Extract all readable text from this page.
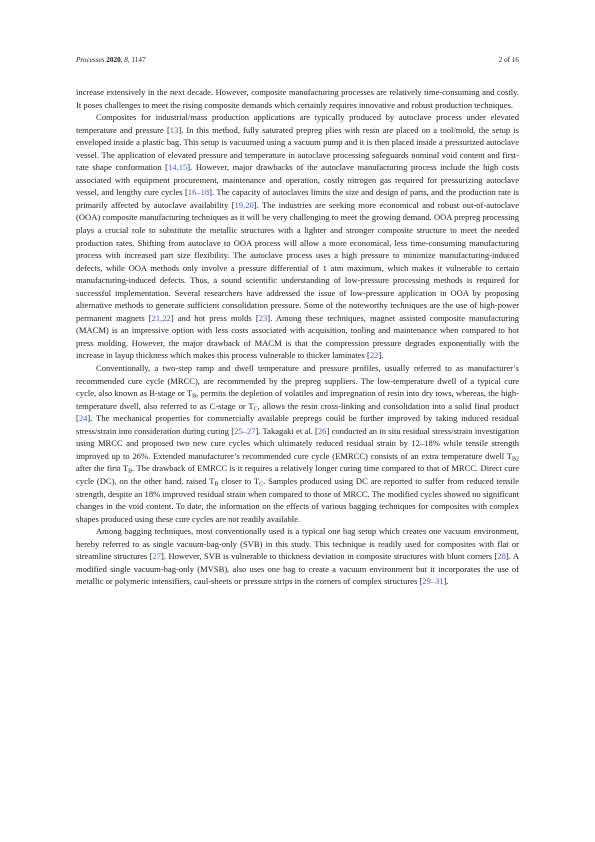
Processes 2020, 8, 1147	2 of 16

increase extensively in the next decade. However, composite manufacturing processes are relatively time-consuming and costly. It poses challenges to meet the rising composite demands which certainly requires innovative and robust production techniques.

Composites for industrial/mass production applications are typically produced by autoclave process under elevated temperature and pressure [13]. In this method, fully saturated prepreg plies with resin are placed on a tool/mold, the setup is enveloped inside a plastic bag. This setup is vacuumed using a vacuum pump and it is then placed inside a pressurized autoclave vessel. The application of elevated pressure and temperature in autoclave processing safeguards nominal void content and first-rate shape conformation [14,15]. However, major drawbacks of the autoclave manufacturing process include the high costs associated with equipment procurement, maintenance and operation, costly nitrogen gas required for pressurizing autoclave vessel, and lengthy cure cycles [16–18]. The capacity of autoclaves limits the size and design of parts, and the production rate is primarily affected by autoclave availability [19,20]. The industries are seeking more economical and robust out-of-autoclave (OOA) composite manufacturing techniques as it will be very challenging to meet the growing demand. OOA prepreg processing plays a crucial role to substitute the metallic structures with a lighter and stronger composite structure to meet the needed production rates. Shifting from autoclave to OOA process will allow a more economical, less time-consuming manufacturing process with increased part size flexibility. The autoclave process uses a high pressure to minimize manufacturing-induced defects, while OOA methods only involve a pressure differential of 1 atm maximum, which makes it vulnerable to certain manufacturing-induced defects. Thus, a sound scientific understanding of low-pressure processing methods is required for successful implementation. Several researchers have addressed the issue of low-pressure application in OOA by proposing alternative methods to generate sufficient consolidation pressure. Some of the noteworthy techniques are the use of high-power permanent magnets [21,22] and hot press molds [23]. Among these techniques, magnet assisted composite manufacturing (MACM) is an impressive option with less costs associated with acquisition, tooling and maintenance when compared to hot press molding. However, the major drawback of MACM is that the compression pressure degrades exponentially with the increase in layup thickness which makes this process vulnerable to thicker laminates [22].

Conventionally, a two-step ramp and dwell temperature and pressure profiles, usually referred to as manufacturer’s recommended cure cycle (MRCC), are recommended by the prepreg suppliers. The low-temperature dwell of a typical cure cycle, also known as B-stage or $T_B$, permits the depletion of volatiles and impregnation of resin into dry tows, whereas, the high-temperature dwell, also referred to as C-stage or $T_C$, allows the resin cross-linking and consolidation into a solid final product [24]. The mechanical properties for commercially available prepregs could be further improved by taking induced residual stress/strain into consideration during curing [25–27]. Takagaki et al. [26] conducted an in situ residual stress/strain investigation using MRCC and proposed two new cure cycles which ultimately reduced residual strain by 12–18% while tensile strength improved up to 26%. Extended manufacturer’s recommended cure cycle (EMRCC) consists of an extra temperature dwell $T_{B2}$ after the first $T_B$. The drawback of EMRCC is it requires a relatively longer curing time compared to that of MRCC. Direct cure cycle (DC), on the other hand, raised $T_B$ closer to $T_C$. Samples produced using DC are reported to suffer from reduced tensile strength, despite an 18% improved residual strain when compared to those of MRCC. The modified cycles showed no significant changes in the void content. To date, the information on the effects of various bagging techniques for composites with complex shapes produced using these cure cycles are not readily available.

Among bagging techniques, most conventionally used is a typical one bag setup which creates one vacuum environment, hereby referred to as single vacuum-bag-only (SVB) in this study. This technique is readily used for composites with flat or streamline structures [27]. However, SVB is vulnerable to thickness deviation in composite structures with blunt corners [28]. A modified single vacuum-bag-only (MVSB), also uses one bag to create a vacuum environment but it incorporates the use of metallic or polymeric intensifiers, caul-sheets or pressure strips in the corners of complex structures [29–31].
